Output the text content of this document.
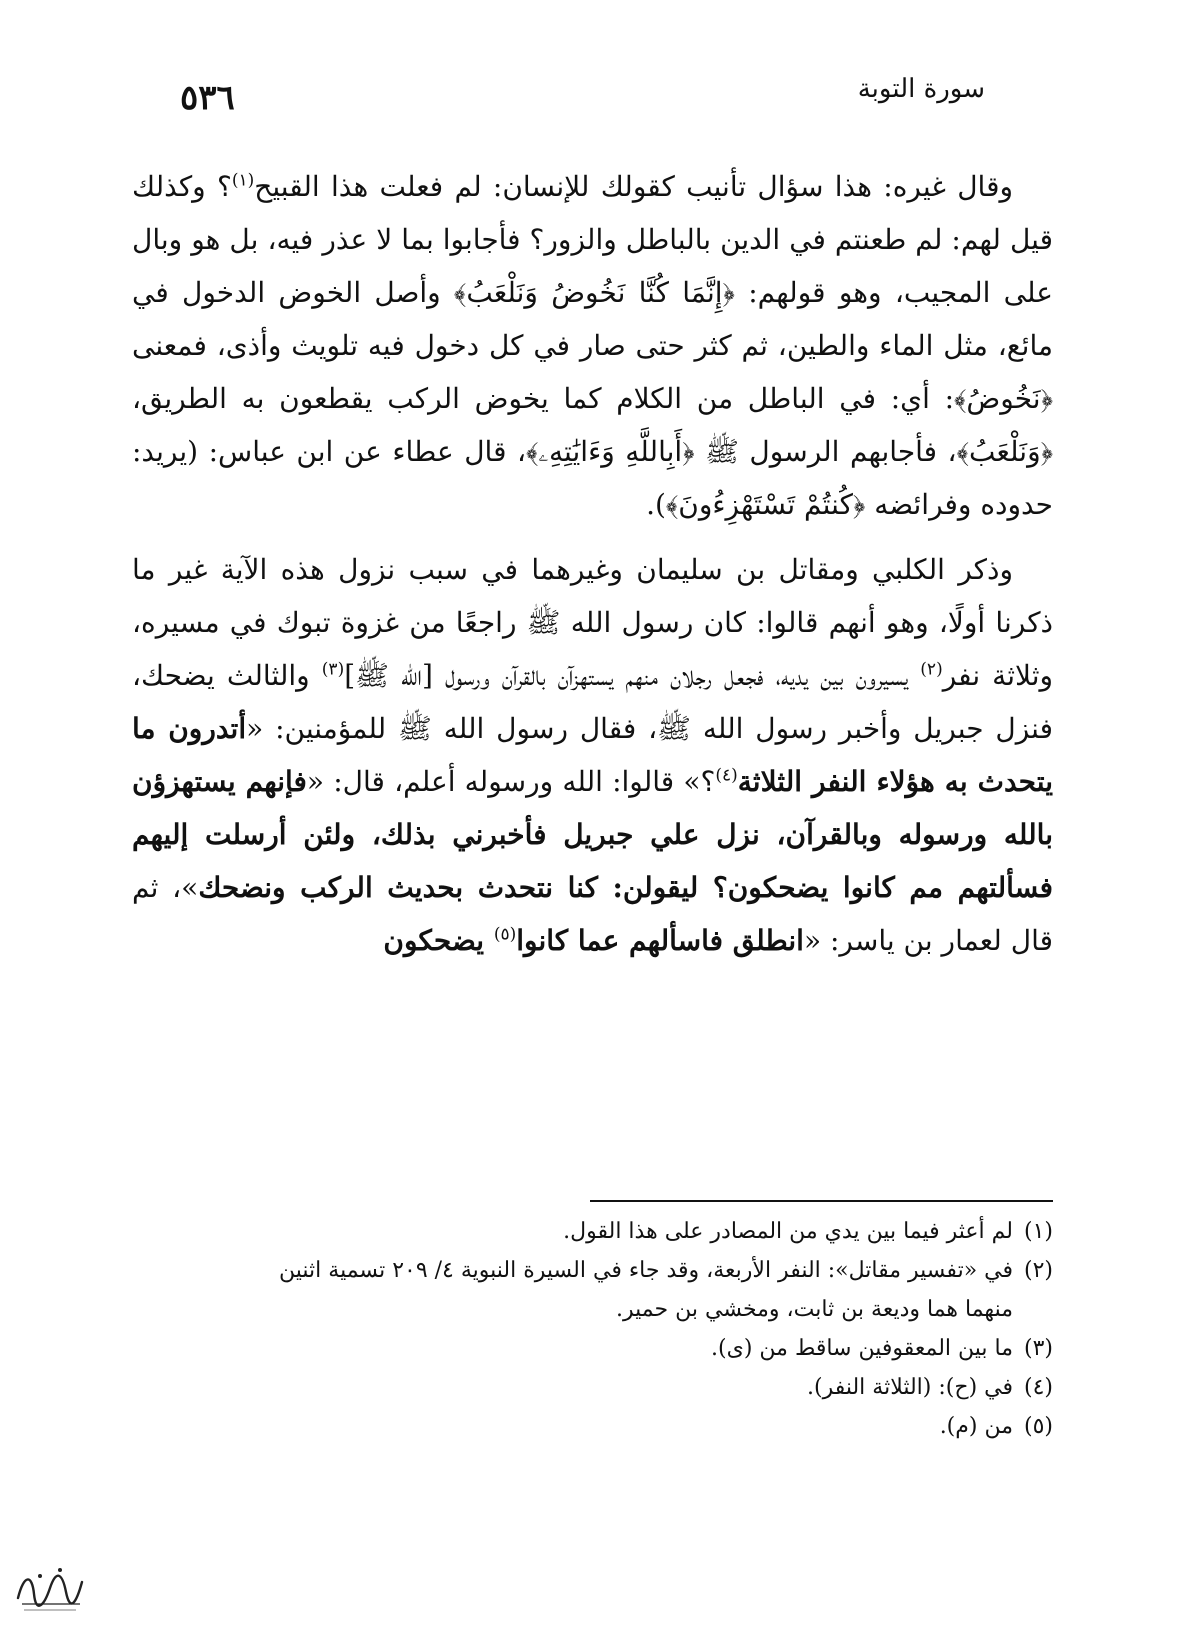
٥٣٦	سورة التوبة

وقال غيره: هذا سؤال تأنيب كقولك للإنسان: لم فعلت هذا القبيح$^{(١)}$؟ وكذلك قيل لهم: لم طعنتم في الدين بالباطل والزور؟ فأجابوا بما لا عذر فيه، بل هو وبال على المجيب، وهو قولهم: ﴿إِنَّمَا كُنَّا نَخُوضُ وَنَلْعَبُ﴾ وأصل الخوض الدخول في مائع، مثل الماء والطين، ثم كثر حتى صار في كل دخول فيه تلويث وأذى، فمعنى ﴿نَخُوضُ﴾: أي: في الباطل من الكلام كما يخوض الركب يقطعون به الطريق، ﴿وَنَلْعَبُ﴾، فأجابهم الرسول ﷺ ﴿أَبِاللَّهِ وَءَايَٰتِهِۦ﴾، قال عطاء عن ابن عباس: (يريد: حدوده وفرائضه ﴿كُنتُمْ تَسْتَهْزِءُونَ﴾).

وذكر الكلبي ومقاتل بن سليمان وغيرهما في سبب نزول هذه الآية غير ما ذكرنا أولًا، وهو أنهم قالوا: كان رسول الله ﷺ راجعًا من غزوة تبوك في مسيره، وثلاثة نفر$^{(٢)}$ يسيرون بين يديه، فجعل رجلان منهم يستهزآن بالقرآن ورسول [الله ﷺ]$^{(٣)}$ والثالث يضحك، فنزل جبريل وأخبر رسول الله ﷺ، فقال رسول الله ﷺ للمؤمنين: «أتدرون ما يتحدث به هؤلاء النفر الثلاثة$^{(٤)}$؟» قالوا: الله ورسوله أعلم، قال: «فإنهم يستهزؤن بالله ورسوله وبالقرآن، نزل علي جبريل فأخبرني بذلك، ولئن أرسلت إليهم فسألتهم مم كانوا يضحكون؟ ليقولن: كنا نتحدث بحديث الركب ونضحك»، ثم قال لعمار بن ياسر: «انطلق فاسألهم عما كانوا$^{(٥)}$ يضحكون

(١)لم أعثر فيما بين يدي من المصادر على هذا القول.

(٢)في «تفسير مقاتل»: النفر الأربعة، وقد جاء في السيرة النبوية ٤/ ٢٠٩ تسمية اثنين

منهما هما وديعة بن ثابت، ومخشي بن حمير.

(٣)ما بين المعقوفين ساقط من (ى).

(٤)في (ح): (الثلاثة النفر).

(٥)من (م).
